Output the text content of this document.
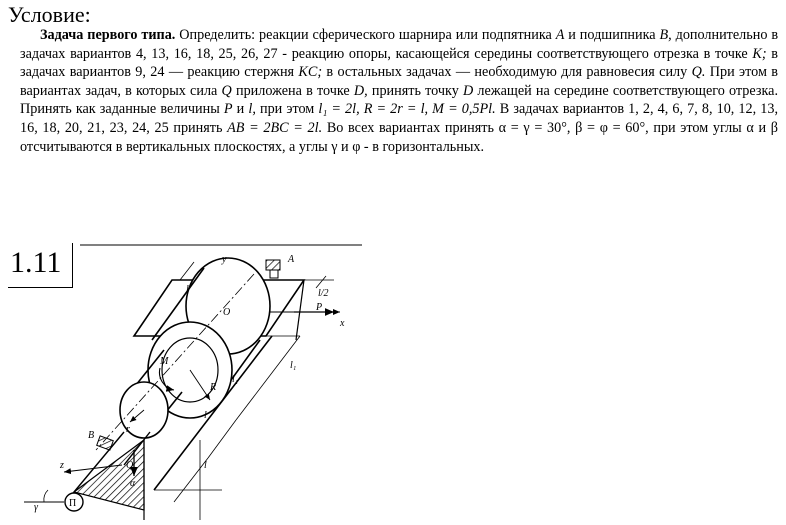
Условие:
Задача первого типа. Определить: реакции сферического шарнира или подпятника A и подшипника B, дополнительно в задачах вариантов 4, 13, 16, 18, 25, 26, 27 - реакцию опоры, касающейся середины соответствующего отрезка в точке K; в задачах вариантов 9, 24 — реакцию стержня KC; в остальных задачах — необходимую для равновесия силу Q. При этом в вариантах задач, в которых сила Q приложена в точке D, принять точку D лежащей на середине соответствующего отрезка. Принять как заданные величины P и l, при этом l₁ = 2l, R = 2r = l, M = 0,5Pl. В задачах вариантов 1, 2, 4, 6, 7, 8, 10, 12, 13, 16, 18, 20, 21, 23, 24, 25 принять AB = 2BC = 2l. Во всех вариантах принять α = γ = 30°, β = φ = 60°, при этом углы α и β отсчитываются в вертикальных плоскостях, а углы γ и φ - в горизонтальных.
1.11	y	A
l	l/2
O	P
x
M
R
l₁
l₁
r
l
l
B
z	Q
α
γ	П
